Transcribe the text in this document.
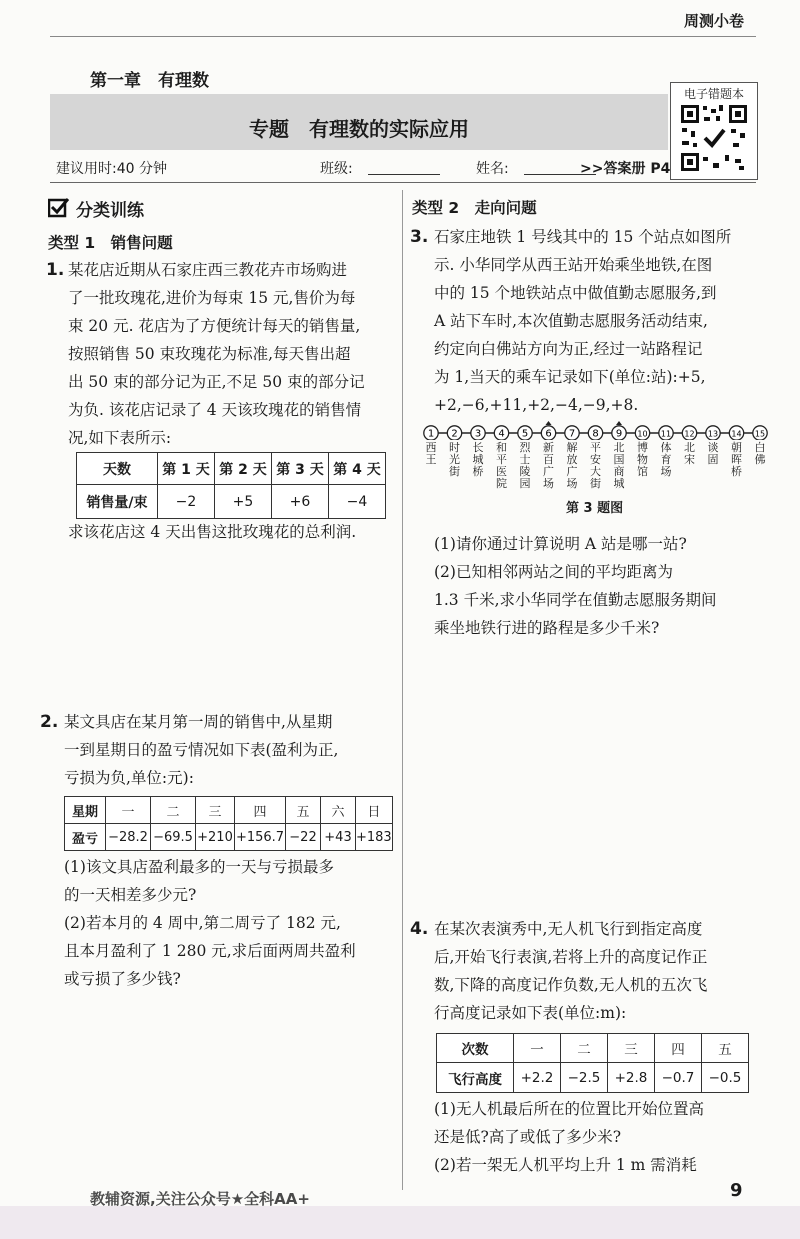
周测小卷
第一章　有理数
专题　有理数的实际应用
建议用时:40 分钟	班级:	姓名:	>>答案册 P4
电子错题本
分类训练
类型 1　销售问题
1. 某花店近期从石家庄西三教花卉市场购进
了一批玫瑰花,进价为每束 15 元,售价为每
束 20 元. 花店为了方便统计每天的销售量,
按照销售 50 束玫瑰花为标准,每天售出超
出 50 束的部分记为正,不足 50 束的部分记
为负. 该花店记录了 4 天该玫瑰花的销售情
况,如下表所示:
天数	第 1 天	第 2 天	第 3 天	第 4 天
销售量/束	−2	+5	+6	−4
求该花店这 4 天出售这批玫瑰花的总利润.
2. 某文具店在某月第一周的销售中,从星期
一到星期日的盈亏情况如下表(盈利为正,
亏损为负,单位:元):
星期	一	二	三	四	五	六	日
盈亏	−28.2	−69.5	+210	+156.7	−22	+43	+183
(1)该文具店盈利最多的一天与亏损最多
的一天相差多少元?
(2)若本月的 4 周中,第二周亏了 182 元,
且本月盈利了 1 280 元,求后面两周共盈利
或亏损了多少钱?
类型 2　走向问题
3. 石家庄地铁 1 号线其中的 15 个站点如图所
示. 小华同学从西王站开始乘坐地铁,在图
中的 15 个地铁站点中做值勤志愿服务,到
A 站下车时,本次值勤志愿服务活动结束,
约定向白佛站方向为正,经过一站路程记
为 1,当天的乘车记录如下(单位:站):+5,
+2,−6,+11,+2,−4,−9,+8.
1 2 3 4 5 6 7 8 9 10 11 12 13 14 15
西王
时光街
长城桥
和平医院
烈士陵园
新百广场
解放广场
平安大街
北国商城
博物馆
体育场
北宋
谈固
朝晖桥
白佛
第 3 题图
(1)请你通过计算说明 A 站是哪一站?
(2)已知相邻两站之间的平均距离为
1.3 千米,求小华同学在值勤志愿服务期间
乘坐地铁行进的路程是多少千米?
4. 在某次表演秀中,无人机飞行到指定高度
后,开始飞行表演,若将上升的高度记作正
数,下降的高度记作负数,无人机的五次飞
行高度记录如下表(单位:m):
次数	一	二	三	四	五
飞行高度	+2.2	−2.5	+2.8	−0.7	−0.5
(1)无人机最后所在的位置比开始位置高
还是低?高了或低了多少米?
(2)若一架无人机平均上升 1 m 需消耗
教辅资源,关注公众号★全科AA+	9
